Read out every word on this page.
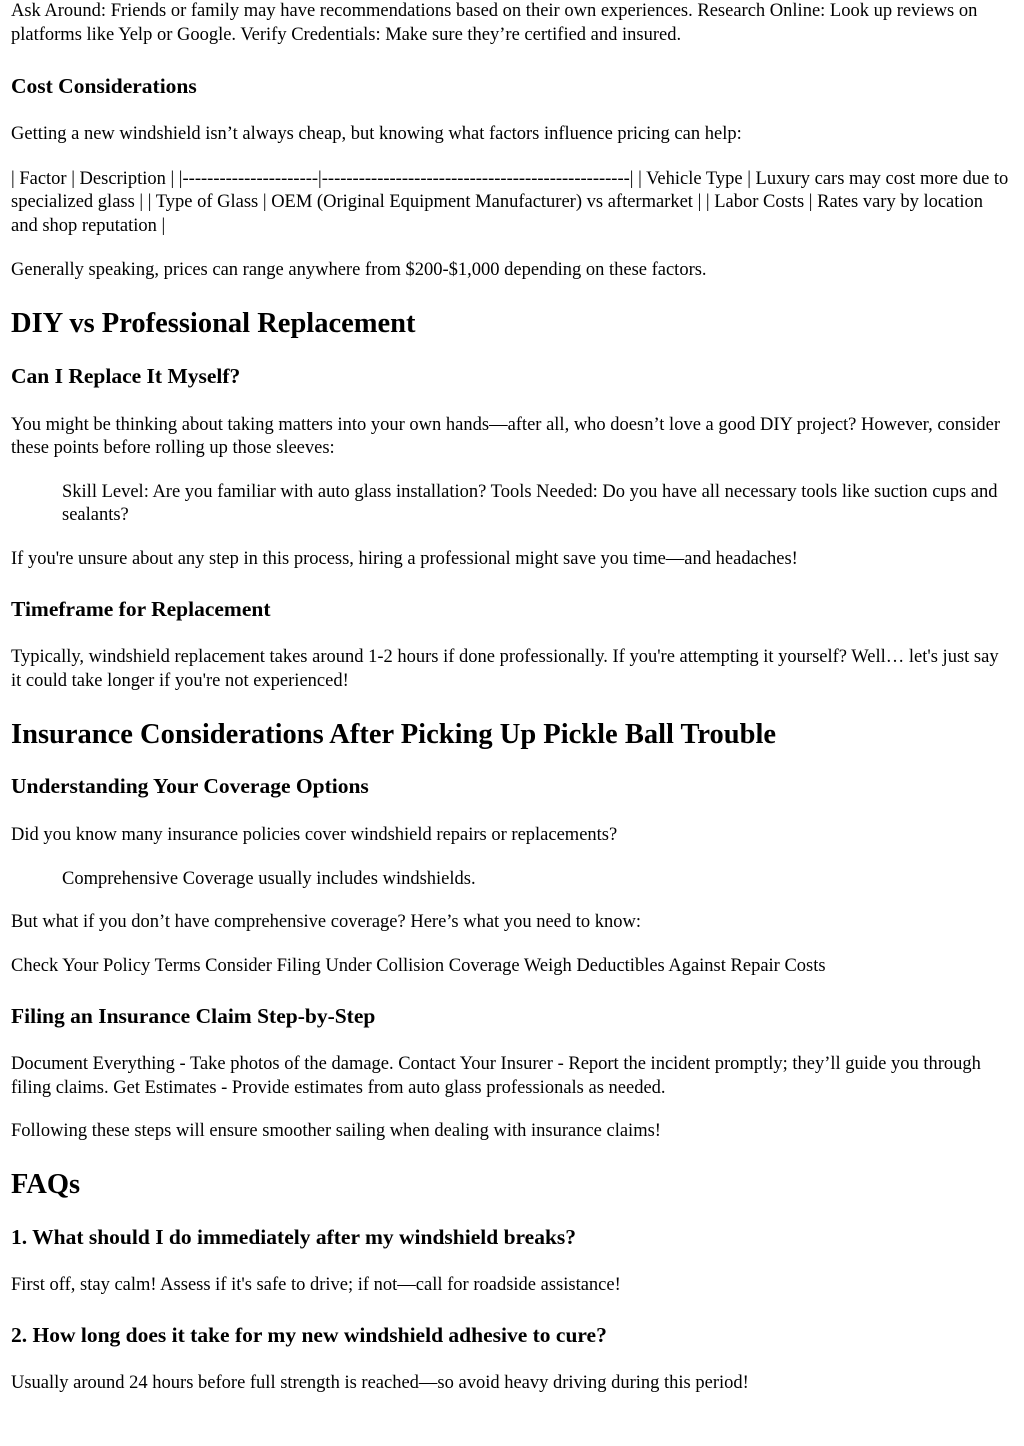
Ask Around: Friends or family may have recommendations based on their own experiences. Research Online: Look up reviews on platforms like Yelp or Google. Verify Credentials: Make sure they’re certified and insured.

Cost Considerations

Getting a new windshield isn’t always cheap, but knowing what factors influence pricing can help:

| Factor | Description | |----------------------|--------------------------------------------------| | Vehicle Type | Luxury cars may cost more due to specialized glass | | Type of Glass | OEM (Original Equipment Manufacturer) vs aftermarket | | Labor Costs | Rates vary by location and shop reputation |

Generally speaking, prices can range anywhere from $200-$1,000 depending on these factors.

DIY vs Professional Replacement
Can I Replace It Myself?

You might be thinking about taking matters into your own hands—after all, who doesn’t love a good DIY project? However, consider these points before rolling up those sleeves:

Skill Level: Are you familiar with auto glass installation? Tools Needed: Do you have all necessary tools like suction cups and sealants?

If you're unsure about any step in this process, hiring a professional might save you time—and headaches!

Timeframe for Replacement

Typically, windshield replacement takes around 1-2 hours if done professionally. If you're attempting it yourself? Well… let's just say it could take longer if you're not experienced!

Insurance Considerations After Picking Up Pickle Ball Trouble
Understanding Your Coverage Options

Did you know many insurance policies cover windshield repairs or replacements?

Comprehensive Coverage usually includes windshields.

But what if you don’t have comprehensive coverage? Here’s what you need to know:

Check Your Policy Terms Consider Filing Under Collision Coverage Weigh Deductibles Against Repair Costs

Filing an Insurance Claim Step-by-Step

Document Everything - Take photos of the damage. Contact Your Insurer - Report the incident promptly; they’ll guide you through filing claims. Get Estimates - Provide estimates from auto glass professionals as needed.

Following these steps will ensure smoother sailing when dealing with insurance claims!

FAQs
1. What should I do immediately after my windshield breaks?

First off, stay calm! Assess if it's safe to drive; if not—call for roadside assistance!

2. How long does it take for my new windshield adhesive to cure?

Usually around 24 hours before full strength is reached—so avoid heavy driving during this period!
